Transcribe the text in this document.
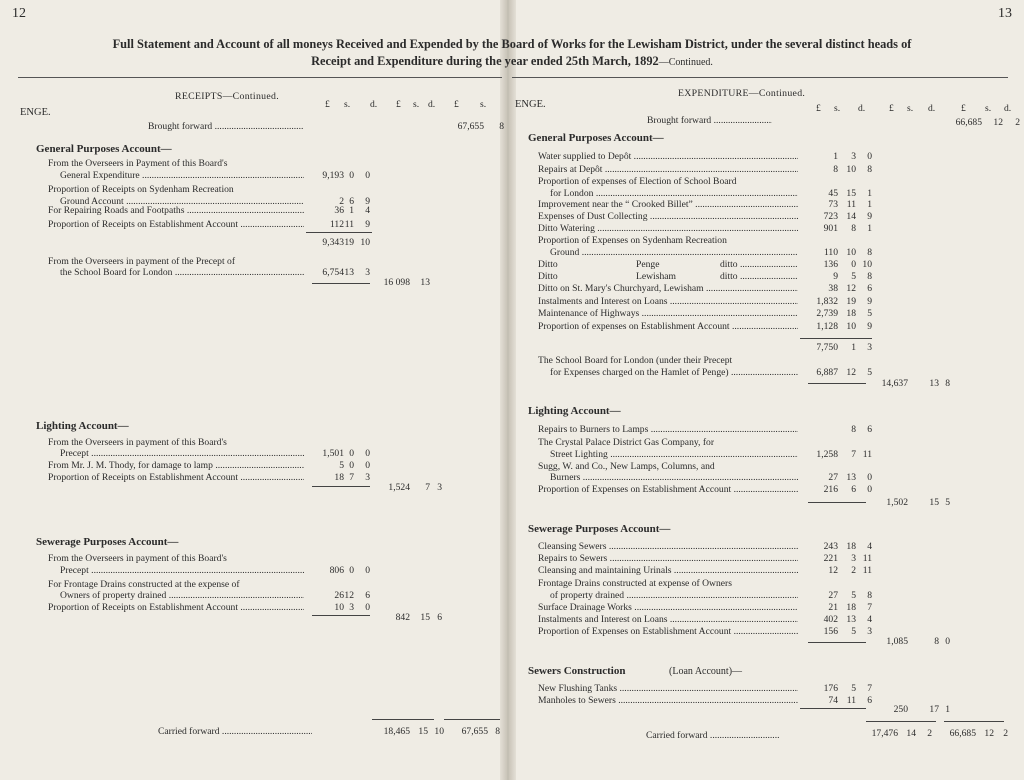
12	13
Full Statement and Account of all moneys Received and Expended by the Board of Works for the Lewisham District, under the several distinct heads of
Receipt and Expenditure during the year ended 25th March, 1892—Continued.
RECEIPTS—Continued.
ENGE.
£ s. d. £ s. d. £ s.
Brought forward .....	67,655	8
General Purposes Account—
From the Overseers in Payment of this Board's
General Expenditure .....	9,193 0	0
Proportion of Receipts on Sydenham Recreation
Ground Account .....	2 6	9
For Repairing Roads and Footpaths .....	36 1	4
Proportion of Receipts on Establishment Account .....	112 11	9
9,343 19 10
From the Overseers in payment of the Precept of
the School Board for London .....	6,754 13	3
16 098	13
Lighting Account—
From the Overseers in payment of this Board's
Precept .....	1,501 0	0
From Mr. J. M. Thody, for damage to lamp .....	5 0	0
Proportion of Receipts on Establishment Account .....	18 7	3
1,524	7 3
Sewerage Purposes Account—
From the Overseers in payment of this Board's
Precept .....	806 0	0
For Frontage Drains constructed at the expense of
Owners of property drained .....	26 12	6
Proportion of Receipts on Establishment Account .....	10 3	0
842	15 6
Carried forward .....	18,465 15 10	67,655 8
EXPENDITURE—Continued.
ENGE.	£ s. d. £ s. d.	£ s. d.
Brought forward .....	66,685	12	2
General Purposes Account—
Water supplied to Depôt .....	1	3	0
Repairs at Depôt .....	8 10	8
Proportion of expenses of Election of School Board
for London .....	45 15	1
Improvement near the “ Crooked Billet” .....	73 11	1
Expenses of Dust Collecting .....	723 14	9
Ditto Watering .....	901	8	1
Proportion of Expenses on Sydenham Recreation
Ground .....	110 10	8
Ditto	Penge	ditto .....	136	0 10
Ditto	Lewisham	ditto .....	9	5	8
Ditto on St. Mary's Churchyard, Lewisham .....	38 12	6
Instalments and Interest on Loans .....	1,832 19	9
Maintenance of Highways .....	2,739 18	5
Proportion of expenses on Establishment Account .....	1,128 10	9
7,750	1	3
The School Board for London (under their Precept
for Expenses charged on the Hamlet of Penge) .....	6,887 12	5
14,637	13 8
Lighting Account—
Repairs to Burners to Lamps .....	8	6
The Crystal Palace District Gas Company, for
Street Lighting .....	1,258	7 11
Sugg, W. and Co., New Lamps, Columns, and
Burners .....	27 13	0
Proportion of Expenses on Establishment Account .....	216	6	0
1,502	15 5
Sewerage Purposes Account—
Cleansing Sewers .....	243 18	4
Repairs to Sewers .....	221	3 11
Cleansing and maintaining Urinals .....	12	2 11
Frontage Drains constructed at expense of Owners
of property drained .....	27	5	8
Surface Drainage Works .....	21 18	7
Instalments and Interest on Loans .....	402 13	4
Proportion of Expenses on Establishment Account .....	156	5	3
1,085	8 0
Sewers Construction	(Loan Account)—
New Flushing Tanks .....	176	5	7
Manholes to Sewers .....	74 11	6
250	17 1
Carried forward .....	17,476 14	2	66,685 12 2
